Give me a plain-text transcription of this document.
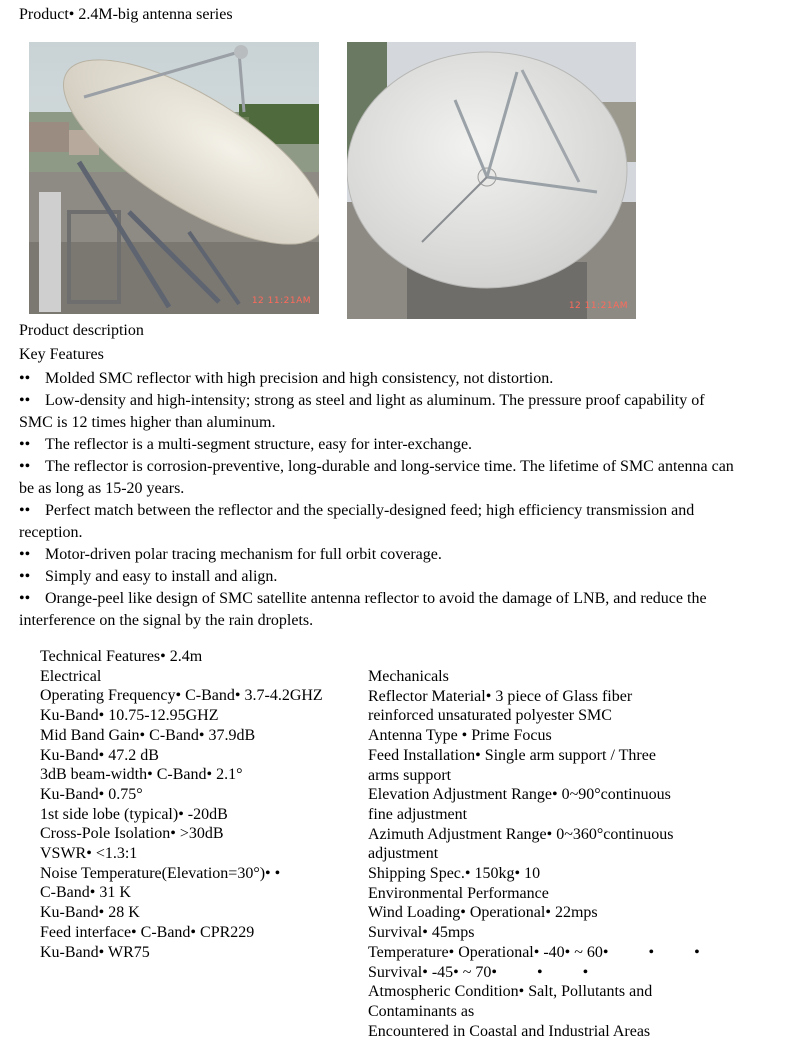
Product• 2.4M-big antenna series
12 11:21AM	12 11:21AM
Product description
Key Features
•• Molded SMC reflector with high precision and high consistency, not distortion.
•• Low-density and high-intensity; strong as steel and light as aluminum. The pressure proof capability of SMC is 12 times higher than aluminum.
•• The reflector is a multi-segment structure, easy for inter-exchange.
•• The reflector is corrosion-preventive, long-durable and long-service time. The lifetime of SMC antenna can be as long as 15-20 years.
•• Perfect match between the reflector and the specially-designed feed; high efficiency transmission and reception.
•• Motor-driven polar tracing mechanism for full orbit coverage.
•• Simply and easy to install and align.
•• Orange-peel like design of SMC satellite antenna reflector to avoid the damage of LNB, and reduce the interference on the signal by the rain droplets.
Technical Features• 2.4m
Electrical
Operating Frequency• C-Band• 3.7-4.2GHZ
Ku-Band• 10.75-12.95GHZ
Mid Band Gain• C-Band• 37.9dB
Ku-Band• 47.2 dB
3dB beam-width• C-Band• 2.1°
Ku-Band• 0.75°
1st side lobe (typical)• -20dB
Cross-Pole Isolation• >30dB
VSWR• <1.3:1
Noise Temperature(Elevation=30°)• •
C-Band• 31 K
Ku-Band• 28 K
Feed interface• C-Band• CPR229
Ku-Band• WR75
Mechanicals
Reflector Material• 3 piece of Glass fiber
reinforced unsaturated polyester SMC
Antenna Type • Prime Focus
Feed Installation• Single arm support / Three
arms support
Elevation Adjustment Range• 0~90°continuous
fine adjustment
Azimuth Adjustment Range• 0~360°continuous
adjustment
Shipping Spec.• 150kg• 10
Environmental Performance
Wind Loading• Operational• 22mps
Survival• 45mps
Temperature• Operational• -40• ~ 60•          •          •
Survival• -45• ~ 70•          •          •
Atmospheric Condition• Salt, Pollutants and
Contaminants as
Encountered in Coastal and Industrial Areas
